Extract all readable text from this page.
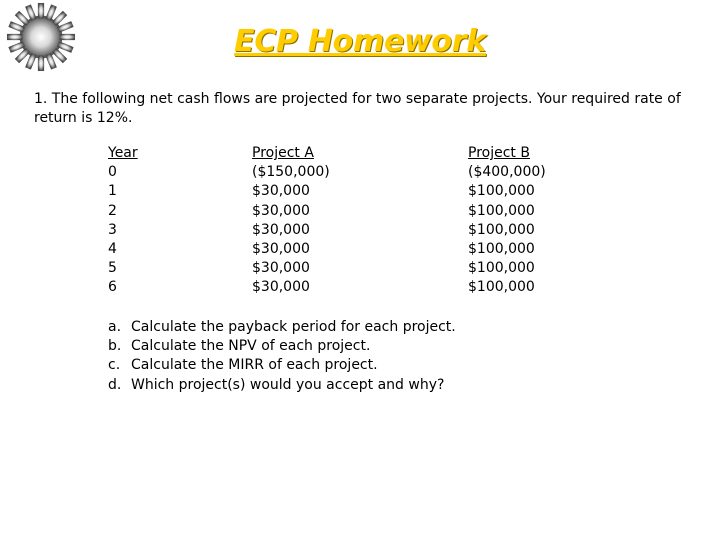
ECP Homework
1. The following net cash flows are projected for two separate projects. Your required rate of return is 12%.
Year
0
1
2
3
4
5
6
Project A
($150,000)
$30,000
$30,000
$30,000
$30,000
$30,000
$30,000
Project B
($400,000)
$100,000
$100,000
$100,000
$100,000
$100,000
$100,000
a. Calculate the payback period for each project.
b. Calculate the NPV of each project.
c. Calculate the MIRR of each project.
d. Which project(s) would you accept and why?
